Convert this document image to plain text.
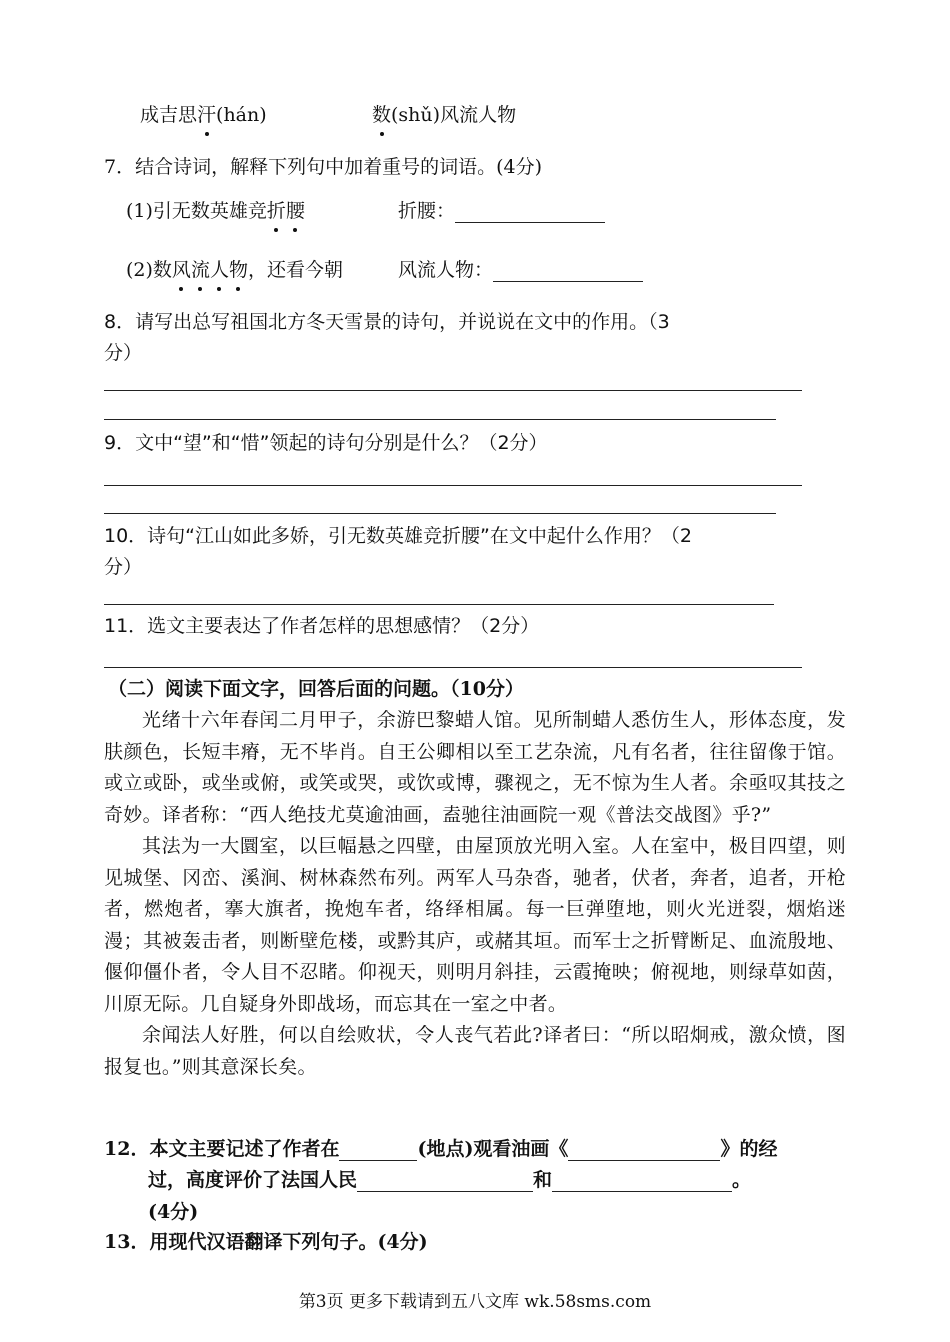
成吉思汗(hán)	数(shǔ)风流人物
7．结合诗词，解释下列句中加着重号的词语。(4分)
(1)引无数英雄竞折腰	折腰：
(2)数风流人物，还看今朝	风流人物：
8．请写出总写祖国北方冬天雪景的诗句，并说说在文中的作用。（3
分）
9．文中“望”和“惜”领起的诗句分别是什么？（2分）
10．诗句“江山如此多娇，引无数英雄竞折腰”在文中起什么作用？（2
分）
11．选文主要表达了作者怎样的思想感情？（2分）
（二）阅读下面文字，回答后面的问题。（10分）

光绪十六年春闰二月甲子，余游巴黎蜡人馆。见所制蜡人悉仿生人，形体态度，发肤颜色，长短丰瘠，无不毕肖。自王公卿相以至工艺杂流，凡有名者，往往留像于馆。或立或卧，或坐或俯，或笑或哭，或饮或博，骤视之，无不惊为生人者。余亟叹其技之奇妙。译者称：“西人绝技尤莫逾油画，盍驰往油画院一观《普法交战图》乎?”

其法为一大圜室，以巨幅悬之四壁，由屋顶放光明入室。人在室中，极目四望，则见城堡、冈峦、溪涧、树林森然布列。两军人马杂沓，驰者，伏者，奔者，追者，开枪者，燃炮者，搴大旗者，挽炮车者，络绎相属。每一巨弹堕地，则火光迸裂，烟焰迷漫；其被轰击者，则断壁危楼，或黔其庐，或赭其垣。而军士之折臂断足、血流殷地、偃仰僵仆者，令人目不忍睹。仰视天，则明月斜挂，云霞掩映；俯视地，则绿草如茵，川原无际。几自疑身外即战场，而忘其在一室之中者。

余闻法人好胜，何以自绘败状，令人丧气若此?译者曰：“所以昭炯戒，激众愤，图报复也。”则其意深长矣。

12．本文主要记述了作者在	(地点)观看油画《	》的经
过，高度评价了法国人民	和	。
(4分)
13．用现代汉语翻译下列句子。(4分)
第3页 更多下载请到五八文库 wk.58sms.com
